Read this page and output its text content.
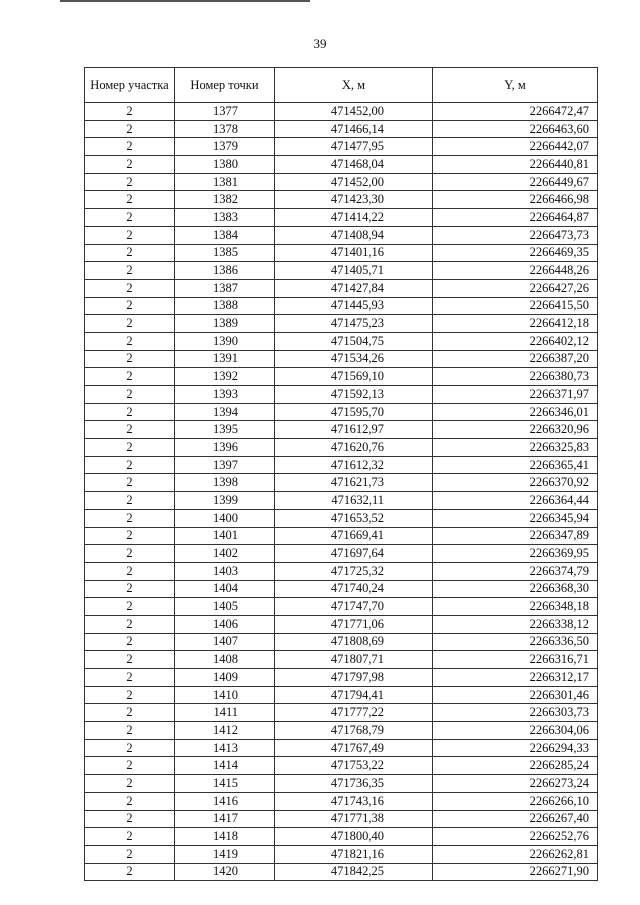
39
Номер участка	Номер точки	X, м	Y, м
2	1377	471452,00	2266472,47
2	1378	471466,14	2266463,60
2	1379	471477,95	2266442,07
2	1380	471468,04	2266440,81
2	1381	471452,00	2266449,67
2	1382	471423,30	2266466,98
2	1383	471414,22	2266464,87
2	1384	471408,94	2266473,73
2	1385	471401,16	2266469,35
2	1386	471405,71	2266448,26
2	1387	471427,84	2266427,26
2	1388	471445,93	2266415,50
2	1389	471475,23	2266412,18
2	1390	471504,75	2266402,12
2	1391	471534,26	2266387,20
2	1392	471569,10	2266380,73
2	1393	471592,13	2266371,97
2	1394	471595,70	2266346,01
2	1395	471612,97	2266320,96
2	1396	471620,76	2266325,83
2	1397	471612,32	2266365,41
2	1398	471621,73	2266370,92
2	1399	471632,11	2266364,44
2	1400	471653,52	2266345,94
2	1401	471669,41	2266347,89
2	1402	471697,64	2266369,95
2	1403	471725,32	2266374,79
2	1404	471740,24	2266368,30
2	1405	471747,70	2266348,18
2	1406	471771,06	2266338,12
2	1407	471808,69	2266336,50
2	1408	471807,71	2266316,71
2	1409	471797,98	2266312,17
2	1410	471794,41	2266301,46
2	1411	471777,22	2266303,73
2	1412	471768,79	2266304,06
2	1413	471767,49	2266294,33
2	1414	471753,22	2266285,24
2	1415	471736,35	2266273,24
2	1416	471743,16	2266266,10
2	1417	471771,38	2266267,40
2	1418	471800,40	2266252,76
2	1419	471821,16	2266262,81
2	1420	471842,25	2266271,90
